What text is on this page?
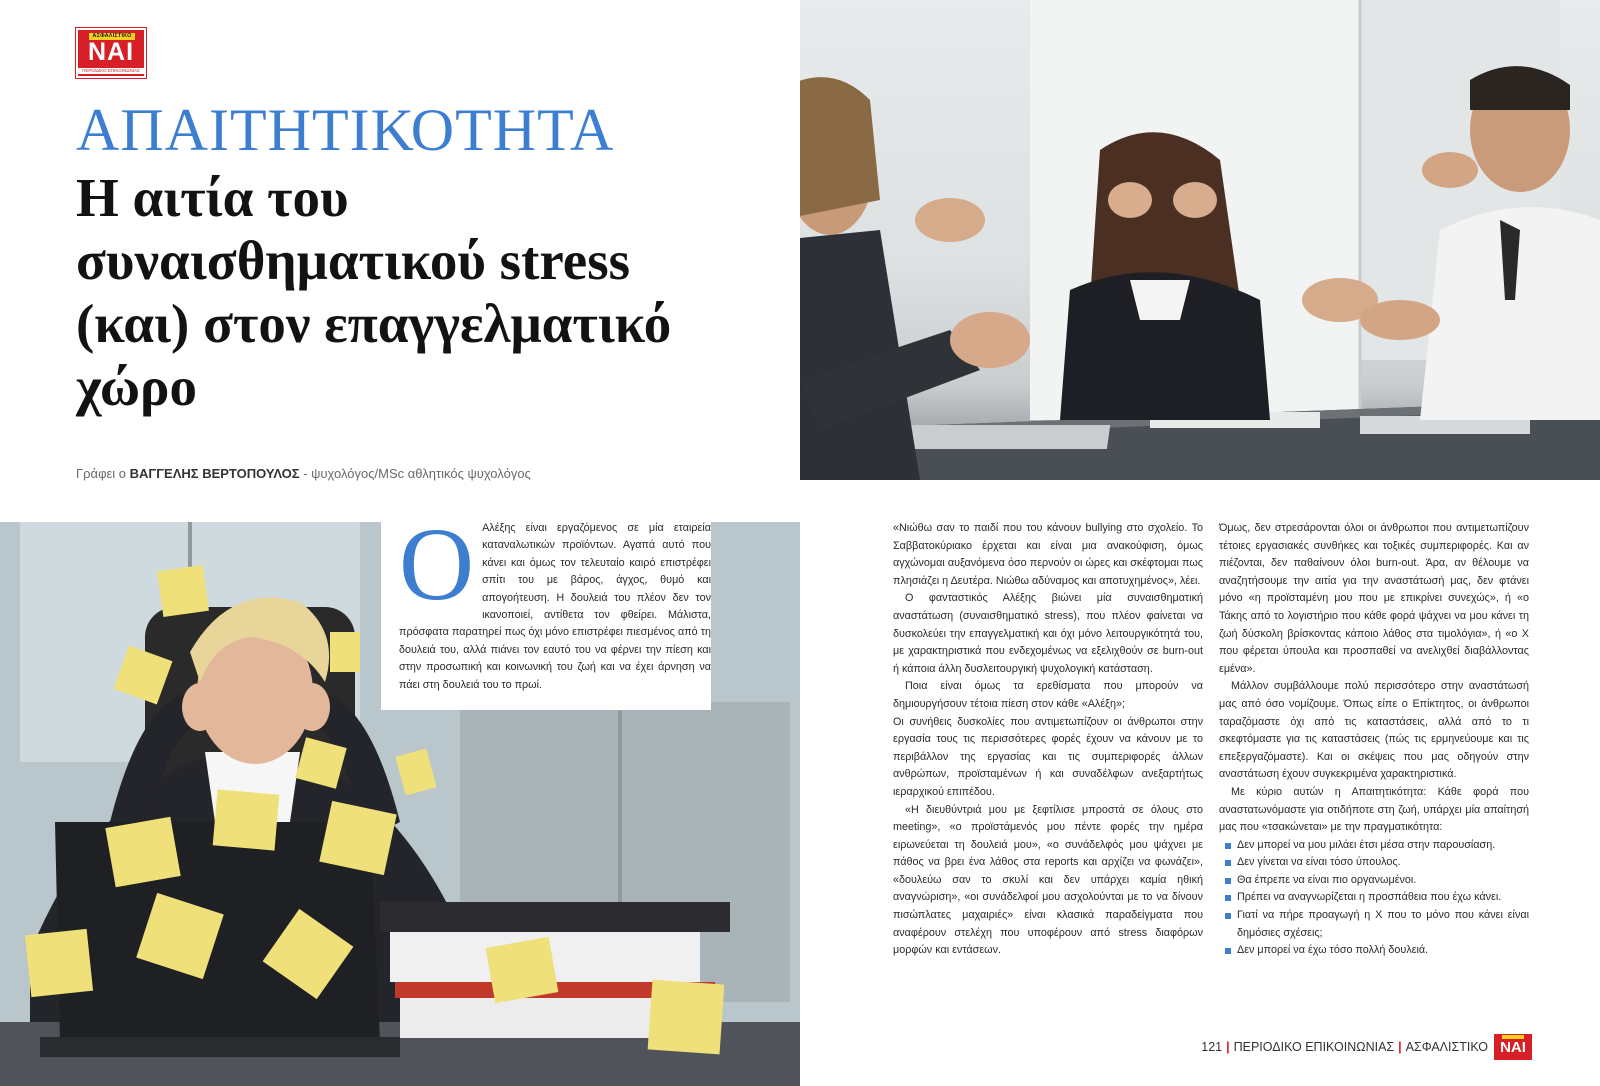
ΑΣΦΑΛΙΣΤΙΚΟ
ΝΑΙ
ΠΕΡΙΟΔΙΚΟ ΕΠΙΚΟΙΝΩΝΙΑΣ
ΑΠΑΙΤΗΤΙΚΟΤΗΤΑ
Η αιτία του συναισθηματικού stress (και) στον επαγγελματικό χώρο

Γράφει ο ΒΑΓΓΕΛΗΣ ΒΕΡΤΟΠΟΥΛΟΣ - ψυχολόγος/MSc αθλητικός ψυχολόγος

Ο Αλέξης είναι εργαζόμενος σε μία εταιρεία καταναλωτικών προϊόντων. Αγαπά αυτό που κάνει και όμως τον τελευταίο καιρό επιστρέφει σπίτι του με βάρος, άγχος, θυμό και απογοήτευση. Η δουλειά του πλέον δεν τον ικανοποιεί, αντίθετα τον φθείρει. Μάλιστα, πρόσφατα παρατηρεί πως όχι μόνο επιστρέφει πιεσμένος από τη δουλειά του, αλλά πιάνει τον εαυτό του να φέρνει την πίεση και στην προσωπική και κοινωνική του ζωή και να έχει άρνηση να πάει στη δουλειά του το πρωί.

«Νιώθω σαν το παιδί που του κάνουν bullying στο σχολείο. Το Σαββατοκύριακο έρχεται και είναι μια ανακούφιση, όμως αγχώνομαι αυξανόμενα όσο περνούν οι ώρες και σκέφτομαι πως πλησιάζει η Δευτέρα. Νιώθω αδύναμος και αποτυχημένος», λέει.

Ο φανταστικός Αλέξης βιώνει μία συναισθηματική αναστάτωση (συναισθηματικό stress), που πλέον φαίνεται να δυσκολεύει την επαγγελματική και όχι μόνο λειτουργικότητά του, με χαρακτηριστικά που ενδεχομένως να εξελιχθούν σε burn-out ή κάποια άλλη δυσλειτουργική ψυχολογική κατάσταση.

Ποια είναι όμως τα ερεθίσματα που μπορούν να δημιουργήσουν τέτοια πίεση στον κάθε «Αλέξη»;

Οι συνήθεις δυσκολίες που αντιμετωπίζουν οι άνθρωποι στην εργασία τους τις περισσότερες φορές έχουν να κάνουν με το περιβάλλον της εργασίας και τις συμπεριφορές άλλων ανθρώπων, προϊσταμένων ή και συναδέλφων ανεξαρτήτως ιεραρχικού επιπέδου.

«Η διευθύντριά μου με ξεφτίλισε μπροστά σε όλους στο meeting», «ο προϊστάμενός μου πέντε φορές την ημέρα ειρωνεύεται τη δουλειά μου», «ο συνάδελφός μου ψάχνει με πάθος να βρει ένα λάθος στα reports και αρχίζει να φωνάζει», «δουλεύω σαν το σκυλί και δεν υπάρχει καμία ηθική αναγνώριση», «οι συνάδελφοί μου ασχολούνται με το να δίνουν πισώπλατες μαχαιριές» είναι κλασικά παραδείγματα που αναφέρουν στελέχη που υποφέρουν από stress διαφόρων μορφών και εντάσεων.

Όμως, δεν στρεσάρονται όλοι οι άνθρωποι που αντιμετωπίζουν τέτοιες εργασιακές συνθήκες και τοξικές συμπεριφορές. Και αν πιέζονται, δεν παθαίνουν όλοι burn-out. Άρα, αν θέλουμε να αναζητήσουμε την αιτία για την αναστάτωσή μας, δεν φτάνει μόνο «η προϊσταμένη μου που με επικρίνει συνεχώς», ή «ο Τάκης από το λογιστήριο που κάθε φορά ψάχνει να μου κάνει τη ζωή δύσκολη βρίσκοντας κάποιο λάθος στα τιμολόγια», ή «ο Χ που φέρεται ύπουλα και προσπαθεί να ανελιχθεί διαβάλλοντας εμένα».

Μάλλον συμβάλλουμε πολύ περισσότερο στην αναστάτωσή μας από όσο νομίζουμε. Όπως είπε ο Επίκτητος, οι άνθρωποι ταραζόμαστε όχι από τις καταστάσεις, αλλά από το τι σκεφτόμαστε για τις καταστάσεις (πώς τις ερμηνεύουμε και τις επεξεργαζόμαστε). Και οι σκέψεις που μας οδηγούν στην αναστάτωση έχουν συγκεκριμένα χαρακτηριστικά.

Με κύριο αυτών η Απαιτητικότητα: Κάθε φορά που αναστατωνόμαστε για οτιδήποτε στη ζωή, υπάρχει μία απαίτησή μας που «τσακώνεται» με την πραγματικότητα:

Δεν μπορεί να μου μιλάει έτσι μέσα στην παρουσίαση.

Δεν γίνεται να είναι τόσο ύπουλος.

Θα έπρεπε να είναι πιο οργανωμένοι.

Πρέπει να αναγνωρίζεται η προσπάθεια που έχω κάνει.

Γιατί να πήρε προαγωγή η Χ που το μόνο που κάνει είναι δημόσιες σχέσεις;

Δεν μπορεί να έχω τόσο πολλή δουλειά.

121 | ΠΕΡΙΟΔΙΚΟ ΕΠΙΚΟΙΝΩΝΙΑΣ | ΑΣΦΑΛΙΣΤΙΚΟ ΝΑΙ
